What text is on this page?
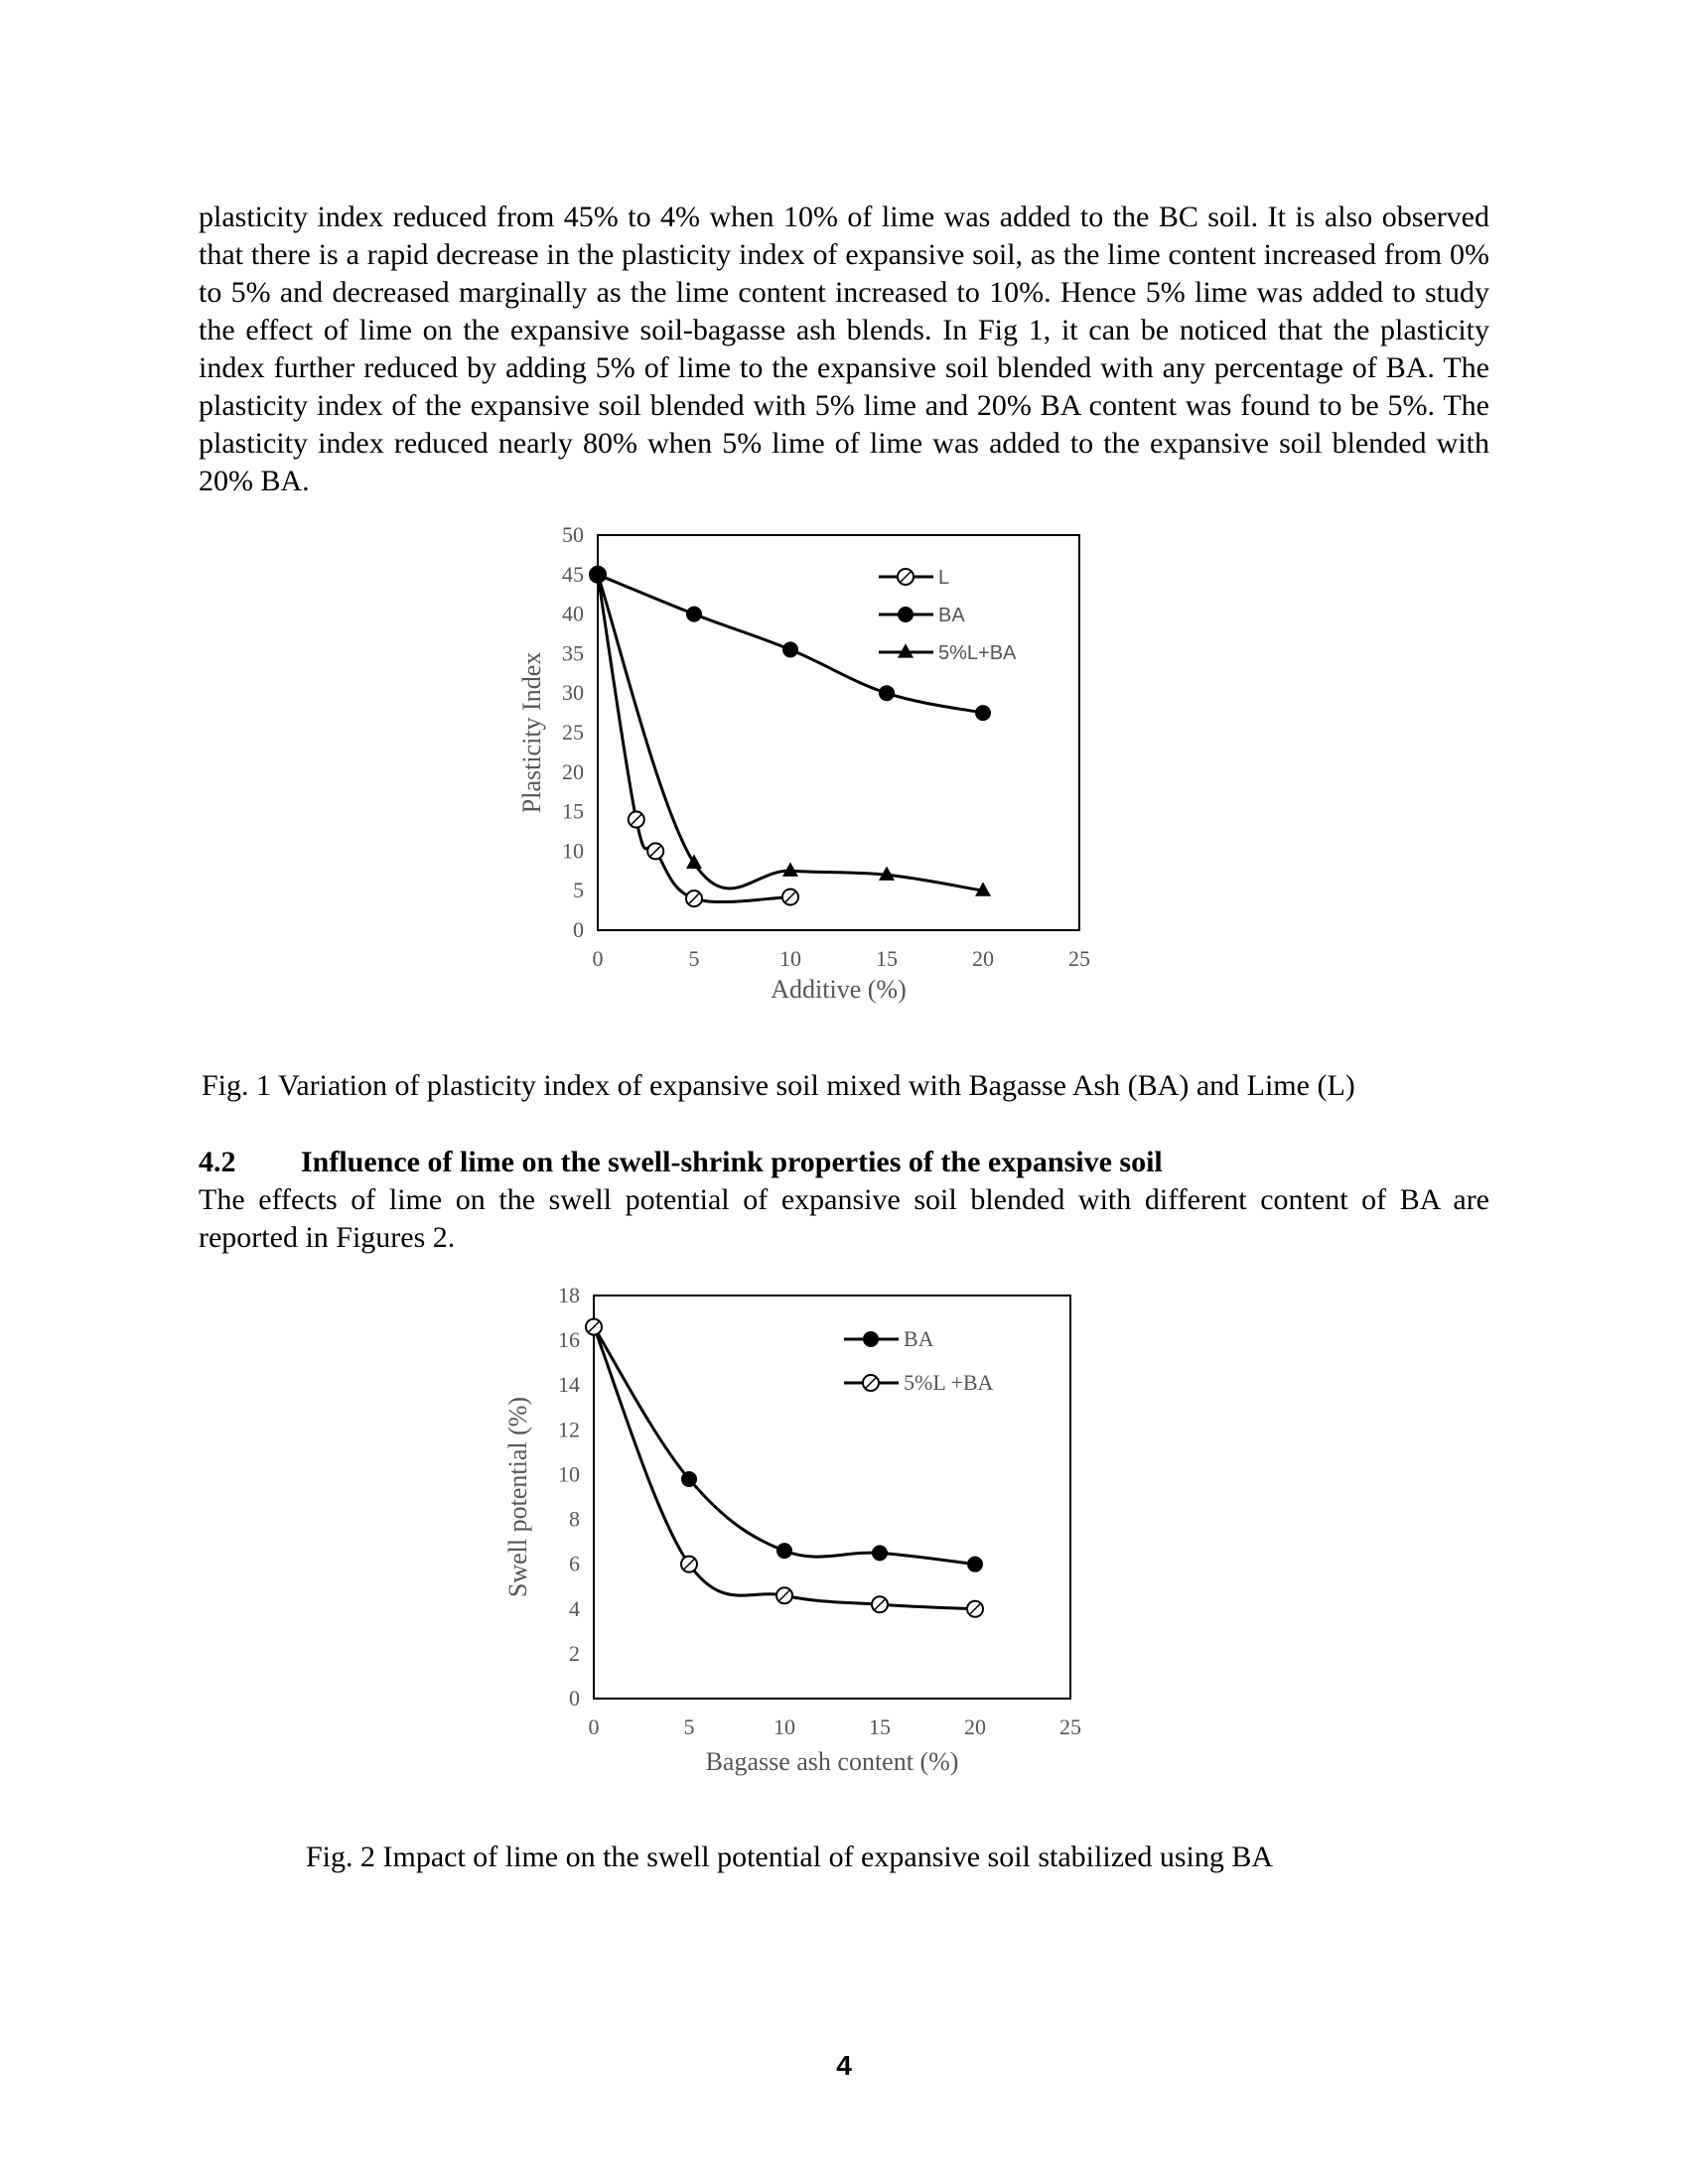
plasticity index reduced from 45% to 4% when 10% of lime was added to the BC soil. It is also observed that there is a rapid decrease in the plasticity index of expansive soil, as the lime content increased from 0% to 5% and decreased marginally as the lime content increased to 10%. Hence 5% lime was added to study the effect of lime on the expansive soil-bagasse ash blends. In Fig 1, it can be noticed that the plasticity index further reduced by adding 5% of lime to the expansive soil blended with any percentage of BA. The plasticity index of the expansive soil blended with 5% lime and 20% BA content was found to be 5%. The plasticity index reduced nearly 80% when 5% lime of lime was added to the expansive soil blended with 20% BA.

0
5
10
15
20
25
30
35
40
45
50
0	5	10	15	20	25
Additive (%)
Plasticity Index
L
BA
5%L+BA

Fig. 1 Variation of plasticity index of expansive soil mixed with Bagasse Ash (BA) and Lime (L)

4.2 Influence of lime on the swell-shrink properties of the expansive soil

The effects of lime on the swell potential of expansive soil blended with different content of BA are reported in Figures 2.

0
2
4
6
8
10
12
14
16
18
0	5	10	15	20	25
Bagasse ash content (%)
Swell potential (%)
BA
5%L +BA

Fig. 2 Impact of lime on the swell potential of expansive soil stabilized using BA

4
